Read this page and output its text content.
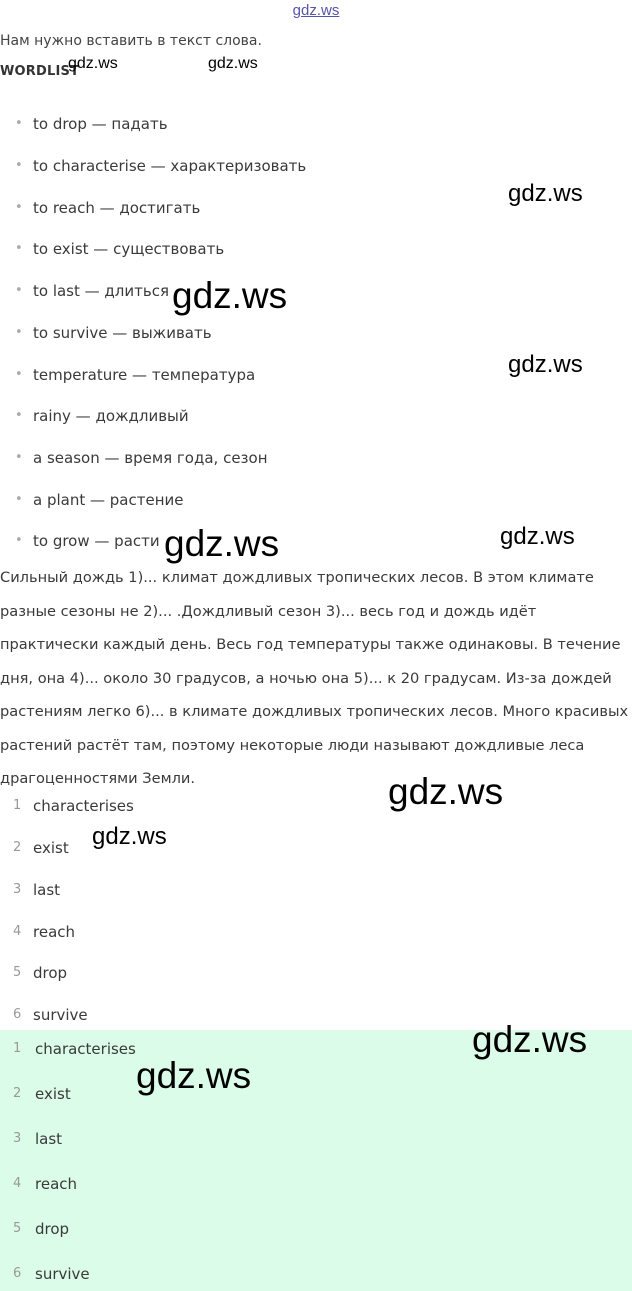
gdz.ws
Нам нужно вставить в текст слова.
WORDLIST
• to drop — падать
• to characterise — характеризовать
• to reach — достигать
• to exist — существовать
• to last — длиться
• to survive — выживать
• temperature — температура
• rainy — дождливый
• a season — время года, сезон
• a plant — растение
• to grow — расти

Сильный дождь 1)... климат дождливых тропических лесов. В этом климате разные сезоны не 2)... .Дождливый сезон 3)... весь год и дождь идёт практически каждый день. Весь год температуры также одинаковы. В течение дня, она 4)... около 30 градусов, а ночью она 5)... к 20 градусам. Из-за дождей растениям легко 6)... в климате дождливых тропических лесов. Много красивых растений растёт там, поэтому некоторые люди называют дождливые леса драгоценностями Земли.

1 characterises
2 exist
3 last
4 reach
5 drop
6 survive
1 characterises
2 exist
3 last
4 reach
5 drop
6 survive
gdz.ws	gdz.ws
gdz.ws
gdz.ws
gdz.ws
gdz.ws	gdz.ws
gdz.ws
gdz.ws
gdz.ws
gdz.ws
